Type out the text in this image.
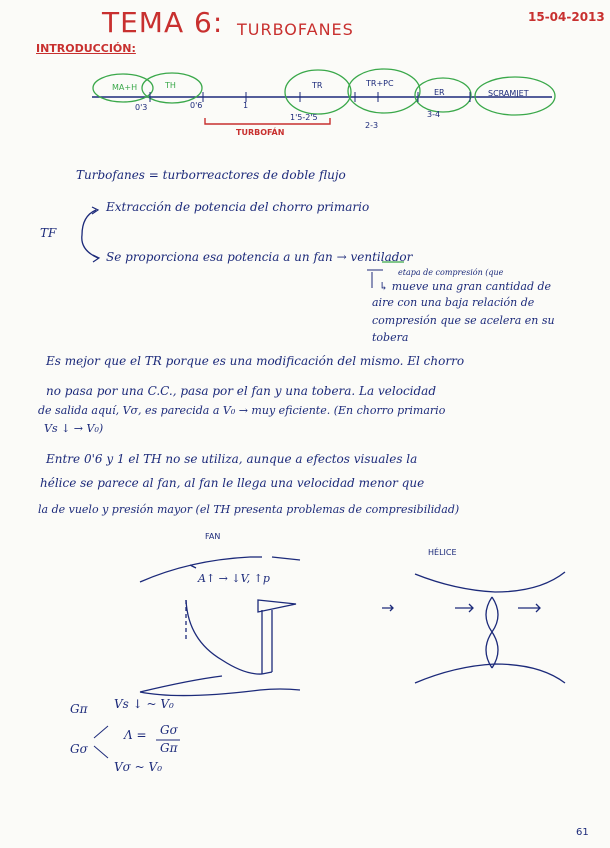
TEMA 6: TURBOFANES
15-04-2013
INTRODUCCIÓN:
MA+H	TH	TR	TR+PC
ER	SCRAMJET
0'3	0'6	1
1'5-2'5
2-3
3-4
TURBOFÁN
Turbofanes = turborreactores de doble flujo
TF
Extracción de potencia del chorro primario
Se proporciona esa potencia a un fan → ventilador
etapa de compresión (que
↳ mueve una gran cantidad de
aire con una baja relación de
compresión que se acelera en su
tobera
Es mejor que el TR porque es una modificación del mismo. El chorro
no pasa por una C.C., pasa por el fan y una tobera. La velocidad
de salida aquí, Vσ, es parecida a V₀ → muy eficiente. (En chorro primario
Vs ↓ → V₀)
Entre 0'6 y 1 el TH no se utiliza, aunque a efectos visuales la
hélice se parece al fan, al fan le llega una velocidad menor que
la de vuelo y presión mayor (el TH presenta problemas de compresibilidad)
FAN
A↑ → ↓V, ↑p
HÉLICE
Gπ
Gσ
Vs ↓ ~ V₀
Λ = Gσ
Gπ
Vσ ~ V₀
61
